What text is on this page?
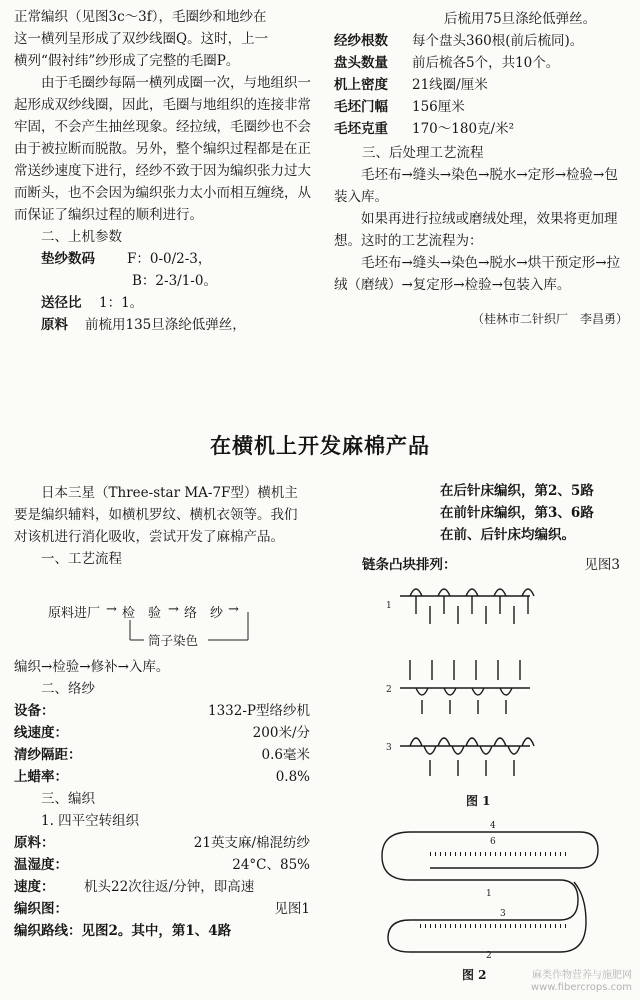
正常编织（见图3c～3f），毛圈纱和地纱在

这一横列呈形成了双纱线圈Q。这时，上一

横列“假衬纬”纱形成了完整的毛圈P。

由于毛圈纱每隔一横列成圈一次，与地组织一起形成双纱线圈，因此，毛圈与地组织的连接非常牢固，不会产生抽丝现象。经拉绒，毛圈纱也不会由于被拉断而脱散。另外，整个编织过程都是在正常送纱速度下进行，经纱不致于因为编织张力过大而断头，也不会因为编织张力太小而相互缠绕，从而保证了编织过程的顺利进行。

二、上机参数

垫纱数码	F：0-0/2-3，
B：2-3/1-0。
送径比	1：1。
原料	前梳用135旦涤纶低弹丝，

后梳用75旦涤纶低弹丝。

经纱根数	每个盘头360根(前后梳同)。
盘头数量	前后梳各5个，共10个。
机上密度	21线圈/厘米
毛坯门幅	156厘米
毛坯克重	170～180克/米²

三、后处理工艺流程

毛坯布→缝头→染色→脱水→定形→检验→包装入库。

如果再进行拉绒或磨绒处理，效果将更加理想。这时的工艺流程为：

毛坯布→缝头→染色→脱水→烘干预定形→拉绒（磨绒）→复定形→检验→包装入库。

（桂林市二针织厂　李昌勇）

在横机上开发麻棉产品

日本三星（Three-star MA-7F型）横机主要是编织辅料，如横机罗纹、横机衣领等。我们对该机进行消化吸收，尝试开发了麻棉产品。

一、工艺流程

原料进厂 → 检　验 → 络　纱 →
筒子染色

编织→检验→修补→入库。

二、络纱

设备：	1332-P型络纱机
线速度：	200米/分
清纱隔距：	0.6毫米
上蜡率：	0.8%

三、编织

1. 四平空转组织

原料：	21英支麻/棉混纺纱
温湿度：	24°C、85%
速度：	机头22次往返/分钟，即高速
编织图：	见图1

编织路线：见图2。其中，第1、4路

在后针床编织，第2、5路

在前针床编织，第3、6路

在前、后针床均编织。

链条凸块排列：	见图3
1
2
3
图 1
4
6
1
3
2
图 2	麻类作物营养与施肥网
www.fibercrops.com
